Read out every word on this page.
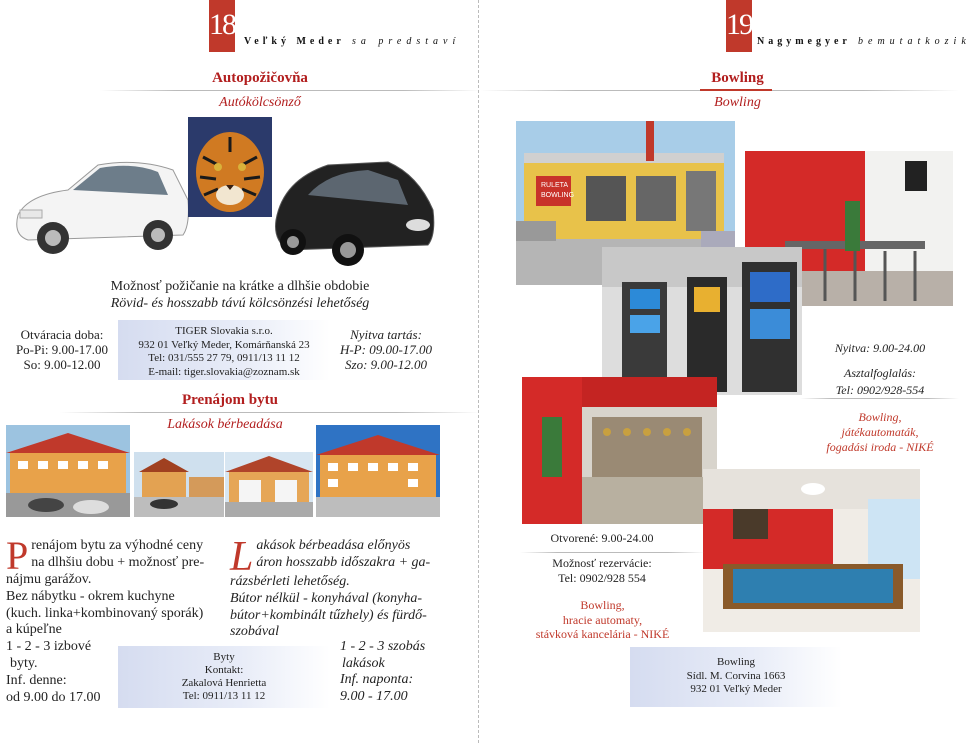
18
Veľký Meder sa predstaví
Autopožičovňa
Autókölcsönző
Možnosť požičanie na krátke a dlhšie obdobie
Rövid- és hosszabb távú kölcsönzési lehetőség
Otváracia doba:
Po-Pi: 9.00-17.00
So: 9.00-12.00
TIGER Slovakia s.r.o.
932 01 Veľký Meder, Komárňanská 23
Tel: 031/555 27 79, 0911/13 11 12
E-mail: tiger.slovakia@zoznam.sk
Nyitva tartás:
H-P: 09.00-17.00
Szo: 9.00-12.00
Prenájom bytu
Lakások bérbeadása
P renájom bytu za výhodné ceny
na dlhšiu dobu + možnosť pre-
nájmu garážov.
Bez nábytku - okrem kuchyne
(kuch. linka+kombinovaný sporák)
a kúpeľne
1 - 2 - 3 izbové
byty.
Inf. denne:
od 9.00 do 17.00
L akások bérbeadása előnyös
áron hosszabb időszakra + ga-
rázsbérleti lehetőség.
Bútor nélkül - konyhával (konyha-
bútor+kombinált tűzhely) és fürdő-
szobával
Byty
Kontakt:
Zakalová Henrietta
Tel: 0911/13 11 12
1 - 2 - 3 szobás
lakások
Inf. naponta:
9.00 - 17.00
19
Nagymegyer bemutatkozik
Bowling
Bowling
RULETA
BOWLING
Nyitva: 9.00-24.00
Asztalfoglalás:
Tel: 0902/928-554
Bowling,
játékautomaták,
fogadási iroda - NIKÉ
Otvorené: 9.00-24.00
Možnosť rezervácie:
Tel: 0902/928 554
Bowling,
hracie automaty,
stávková kancelária - NIKÉ
Bowling
Sídl. M. Corvina 1663
932 01 Veľký Meder
